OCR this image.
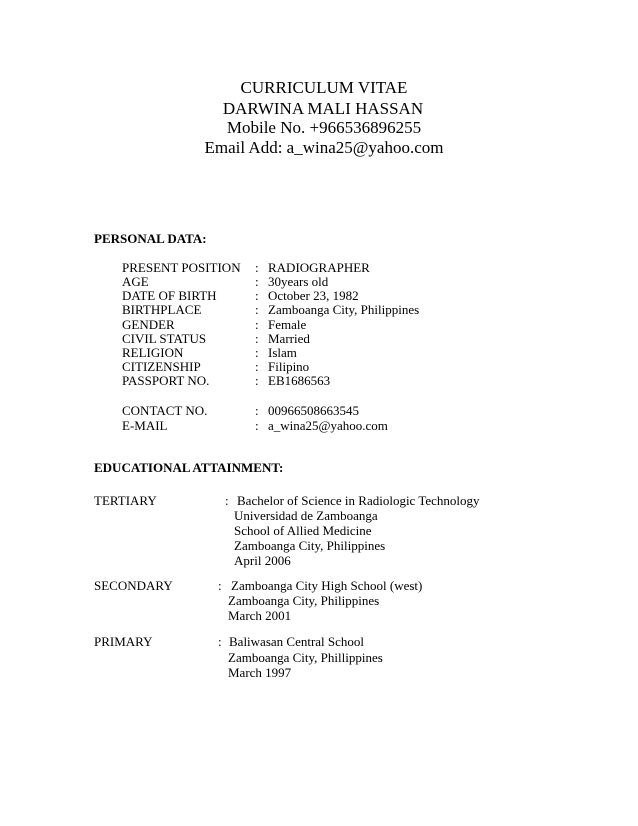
CURRICULUM VITAE
DARWINA MALI HASSAN
Mobile No. +966536896255
Email Add: a_wina25@yahoo.com
PERSONAL DATA:
PRESENT POSITION : RADIOGRAPHER
AGE	: 30years old
DATE OF BIRTH	: October 23, 1982
BIRTHPLACE	: Zamboanga City, Philippines
GENDER	: Female
CIVIL STATUS	: Married
RELIGION	: Islam
CITIZENSHIP	: Filipino
PASSPORT NO.	: EB1686563
CONTACT NO.	: 00966508663545
E-MAIL	: a_wina25@yahoo.com
EDUCATIONAL ATTAINMENT:
TERTIARY	: Bachelor of Science in Radiologic Technology
Universidad de Zamboanga
School of Allied Medicine
Zamboanga City, Philippines
April 2006
SECONDARY	: Zamboanga City High School (west)
Zamboanga City, Philippines
March 2001
PRIMARY	: Baliwasan Central School
Zamboanga City, Phillippines
March 1997
